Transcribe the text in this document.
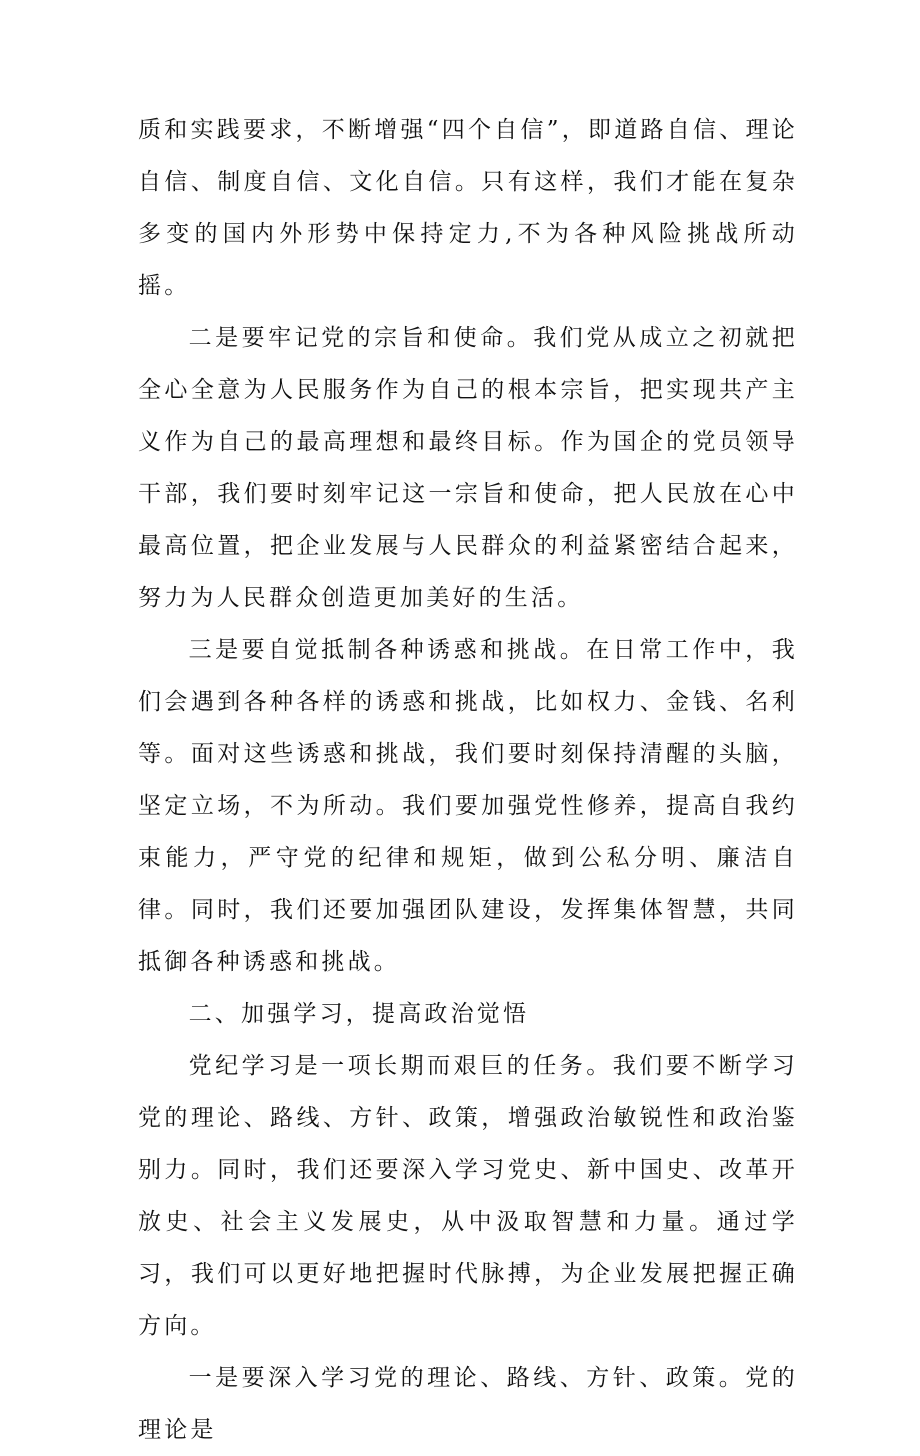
质和实践要求，不断增强“四个自信”，即道路自信、理论自信、制度自信、文化自信。只有这样，我们才能在复杂多变的国内外形势中保持定力,不为各种风险挑战所动摇。

二是要牢记党的宗旨和使命。我们党从成立之初就把全心全意为人民服务作为自己的根本宗旨，把实现共产主义作为自己的最高理想和最终目标。作为国企的党员领导干部，我们要时刻牢记这一宗旨和使命，把人民放在心中最高位置，把企业发展与人民群众的利益紧密结合起来，努力为人民群众创造更加美好的生活。

三是要自觉抵制各种诱惑和挑战。在日常工作中，我们会遇到各种各样的诱惑和挑战，比如权力、金钱、名利等。面对这些诱惑和挑战，我们要时刻保持清醒的头脑，坚定立场，不为所动。我们要加强党性修养，提高自我约束能力，严守党的纪律和规矩，做到公私分明、廉洁自律。同时，我们还要加强团队建设，发挥集体智慧，共同抵御各种诱惑和挑战。

二、加强学习，提高政治觉悟

党纪学习是一项长期而艰巨的任务。我们要不断学习党的理论、路线、方针、政策，增强政治敏锐性和政治鉴别力。同时，我们还要深入学习党史、新中国史、改革开放史、社会主义发展史，从中汲取智慧和力量。通过学习，我们可以更好地把握时代脉搏，为企业发展把握正确方向。

一是要深入学习党的理论、路线、方针、政策。党的理论是
